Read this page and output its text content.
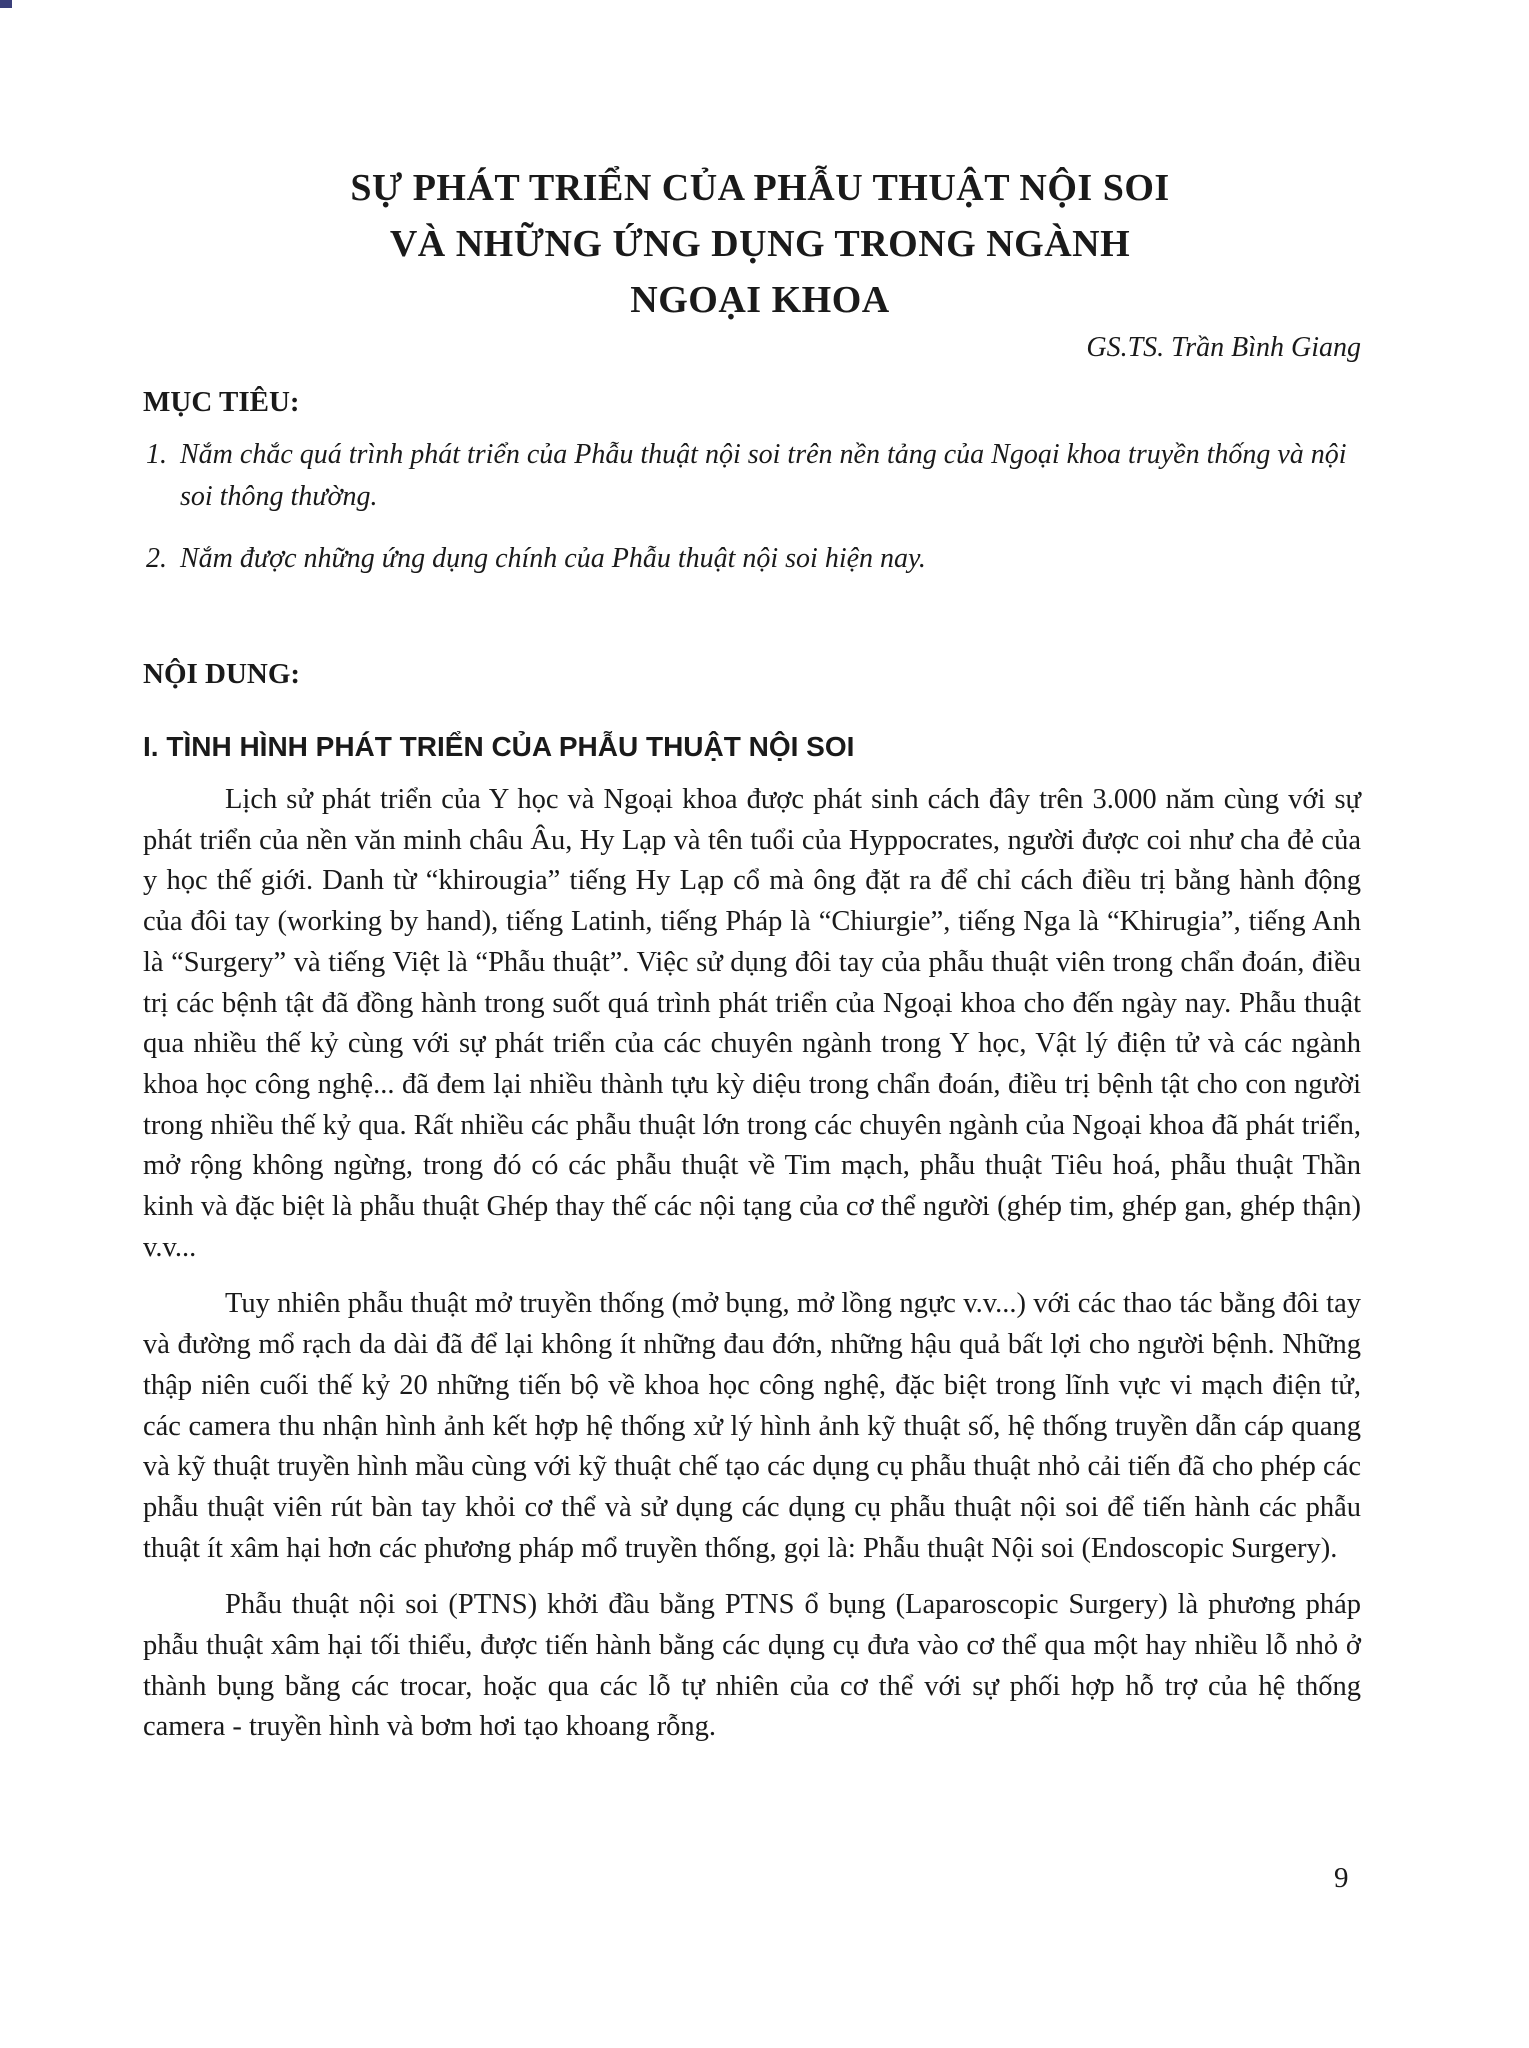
SỰ PHÁT TRIỂN CỦA PHẪU THUẬT NỘI SOI
VÀ NHỮNG ỨNG DỤNG TRONG NGÀNH
NGOẠI KHOA

GS.TS. Trần Bình Giang

MỤC TIÊU:
1. Nắm chắc quá trình phát triển của Phẫu thuật nội soi trên nền tảng của Ngoại khoa truyền thống và nội soi thông thường.
2. Nắm được những ứng dụng chính của Phẫu thuật nội soi hiện nay.
NỘI DUNG:
I. TÌNH HÌNH PHÁT TRIỂN CỦA PHẪU THUẬT NỘI SOI

Lịch sử phát triển của Y học và Ngoại khoa được phát sinh cách đây trên 3.000 năm cùng với sự phát triển của nền văn minh châu Âu, Hy Lạp và tên tuổi của Hyppocrates, người được coi như cha đẻ của y học thế giới. Danh từ “khirougia” tiếng Hy Lạp cổ mà ông đặt ra để chỉ cách điều trị bằng hành động của đôi tay (working by hand), tiếng Latinh, tiếng Pháp là “Chiurgie”, tiếng Nga là “Khirugia”, tiếng Anh là “Surgery” và tiếng Việt là “Phẫu thuật”. Việc sử dụng đôi tay của phẫu thuật viên trong chẩn đoán, điều trị các bệnh tật đã đồng hành trong suốt quá trình phát triển của Ngoại khoa cho đến ngày nay. Phẫu thuật qua nhiều thế kỷ cùng với sự phát triển của các chuyên ngành trong Y học, Vật lý điện tử và các ngành khoa học công nghệ... đã đem lại nhiều thành tựu kỳ diệu trong chẩn đoán, điều trị bệnh tật cho con người trong nhiều thế kỷ qua. Rất nhiều các phẫu thuật lớn trong các chuyên ngành của Ngoại khoa đã phát triển, mở rộng không ngừng, trong đó có các phẫu thuật về Tim mạch, phẫu thuật Tiêu hoá, phẫu thuật Thần kinh và đặc biệt là phẫu thuật Ghép thay thế các nội tạng của cơ thể người (ghép tim, ghép gan, ghép thận) v.v...

Tuy nhiên phẫu thuật mở truyền thống (mở bụng, mở lồng ngực v.v...) với các thao tác bằng đôi tay và đường mổ rạch da dài đã để lại không ít những đau đớn, những hậu quả bất lợi cho người bệnh. Những thập niên cuối thế kỷ 20 những tiến bộ về khoa học công nghệ, đặc biệt trong lĩnh vực vi mạch điện tử, các camera thu nhận hình ảnh kết hợp hệ thống xử lý hình ảnh kỹ thuật số, hệ thống truyền dẫn cáp quang và kỹ thuật truyền hình mầu cùng với kỹ thuật chế tạo các dụng cụ phẫu thuật nhỏ cải tiến đã cho phép các phẫu thuật viên rút bàn tay khỏi cơ thể và sử dụng các dụng cụ phẫu thuật nội soi để tiến hành các phẫu thuật ít xâm hại hơn các phương pháp mổ truyền thống, gọi là: Phẫu thuật Nội soi (Endoscopic Surgery).

Phẫu thuật nội soi (PTNS) khởi đầu bằng PTNS ổ bụng (Laparoscopic Surgery) là phương pháp phẫu thuật xâm hại tối thiểu, được tiến hành bằng các dụng cụ đưa vào cơ thể qua một hay nhiều lỗ nhỏ ở thành bụng bằng các trocar, hoặc qua các lỗ tự nhiên của cơ thể với sự phối hợp hỗ trợ của hệ thống camera - truyền hình và bơm hơi tạo khoang rỗng.

9
